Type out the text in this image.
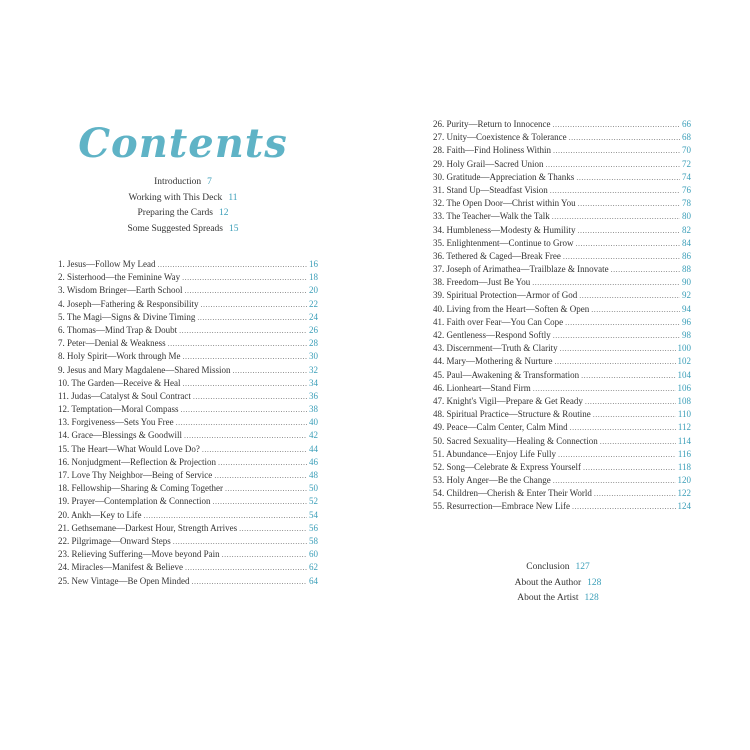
Contents
Introduction 7
Working with This Deck 11
Preparing the Cards 12
Some Suggested Spreads 15
1. Jesus—Follow My Lead .....	16
2. Sisterhood—the Feminine Way .....	18
3. Wisdom Bringer—Earth School .....	20
4. Joseph—Fathering & Responsibility .....	22
5. The Magi—Signs & Divine Timing .....	24
6. Thomas—Mind Trap & Doubt .....	26
7. Peter—Denial & Weakness .....	28
8. Holy Spirit—Work through Me .....	30
9. Jesus and Mary Magdalene—Shared Mission .....	32
10. The Garden—Receive & Heal .....	34
11. Judas—Catalyst & Soul Contract .....	36
12. Temptation—Moral Compass .....	38
13. Forgiveness—Sets You Free .....	40
14. Grace—Blessings & Goodwill .....	42
15. The Heart—What Would Love Do? .....	44
16. Nonjudgment—Reflection & Projection .....	46
17. Love Thy Neighbor—Being of Service .....	48
18. Fellowship—Sharing & Coming Together .....	50
19. Prayer—Contemplation & Connection .....	52
20. Ankh—Key to Life .....	54
21. Gethsemane—Darkest Hour, Strength Arrives .....	56
22. Pilgrimage—Onward Steps .....	58
23. Relieving Suffering—Move beyond Pain .....	60
24. Miracles—Manifest & Believe .....	62
25. New Vintage—Be Open Minded .....	64
26. Purity—Return to Innocence .....	66
27. Unity—Coexistence & Tolerance .....	68
28. Faith—Find Holiness Within .....	70
29. Holy Grail—Sacred Union .....	72
30. Gratitude—Appreciation & Thanks .....	74
31. Stand Up—Steadfast Vision .....	76
32. The Open Door—Christ within You .....	78
33. The Teacher—Walk the Talk .....	80
34. Humbleness—Modesty & Humility .....	82
35. Enlightenment—Continue to Grow .....	84
36. Tethered & Caged—Break Free .....	86
37. Joseph of Arimathea—Trailblaze & Innovate .....	88
38. Freedom—Just Be You .....	90
39. Spiritual Protection—Armor of God .....	92
40. Living from the Heart—Soften & Open .....	94
41. Faith over Fear—You Can Cope .....	96
42. Gentleness—Respond Softly .....	98
43. Discernment—Truth & Clarity .....	100
44. Mary—Mothering & Nurture .....	102
45. Paul—Awakening & Transformation .....	104
46. Lionheart—Stand Firm .....	106
47. Knight's Vigil—Prepare & Get Ready .....	108
48. Spiritual Practice—Structure & Routine .....	110
49. Peace—Calm Center, Calm Mind .....	112
50. Sacred Sexuality—Healing & Connection .....	114
51. Abundance—Enjoy Life Fully .....	116
52. Song—Celebrate & Express Yourself .....	118
53. Holy Anger—Be the Change .....	120
54. Children—Cherish & Enter Their World .....	122
55. Resurrection—Embrace New Life .....	124
Conclusion 127
About the Author 128
About the Artist 128
